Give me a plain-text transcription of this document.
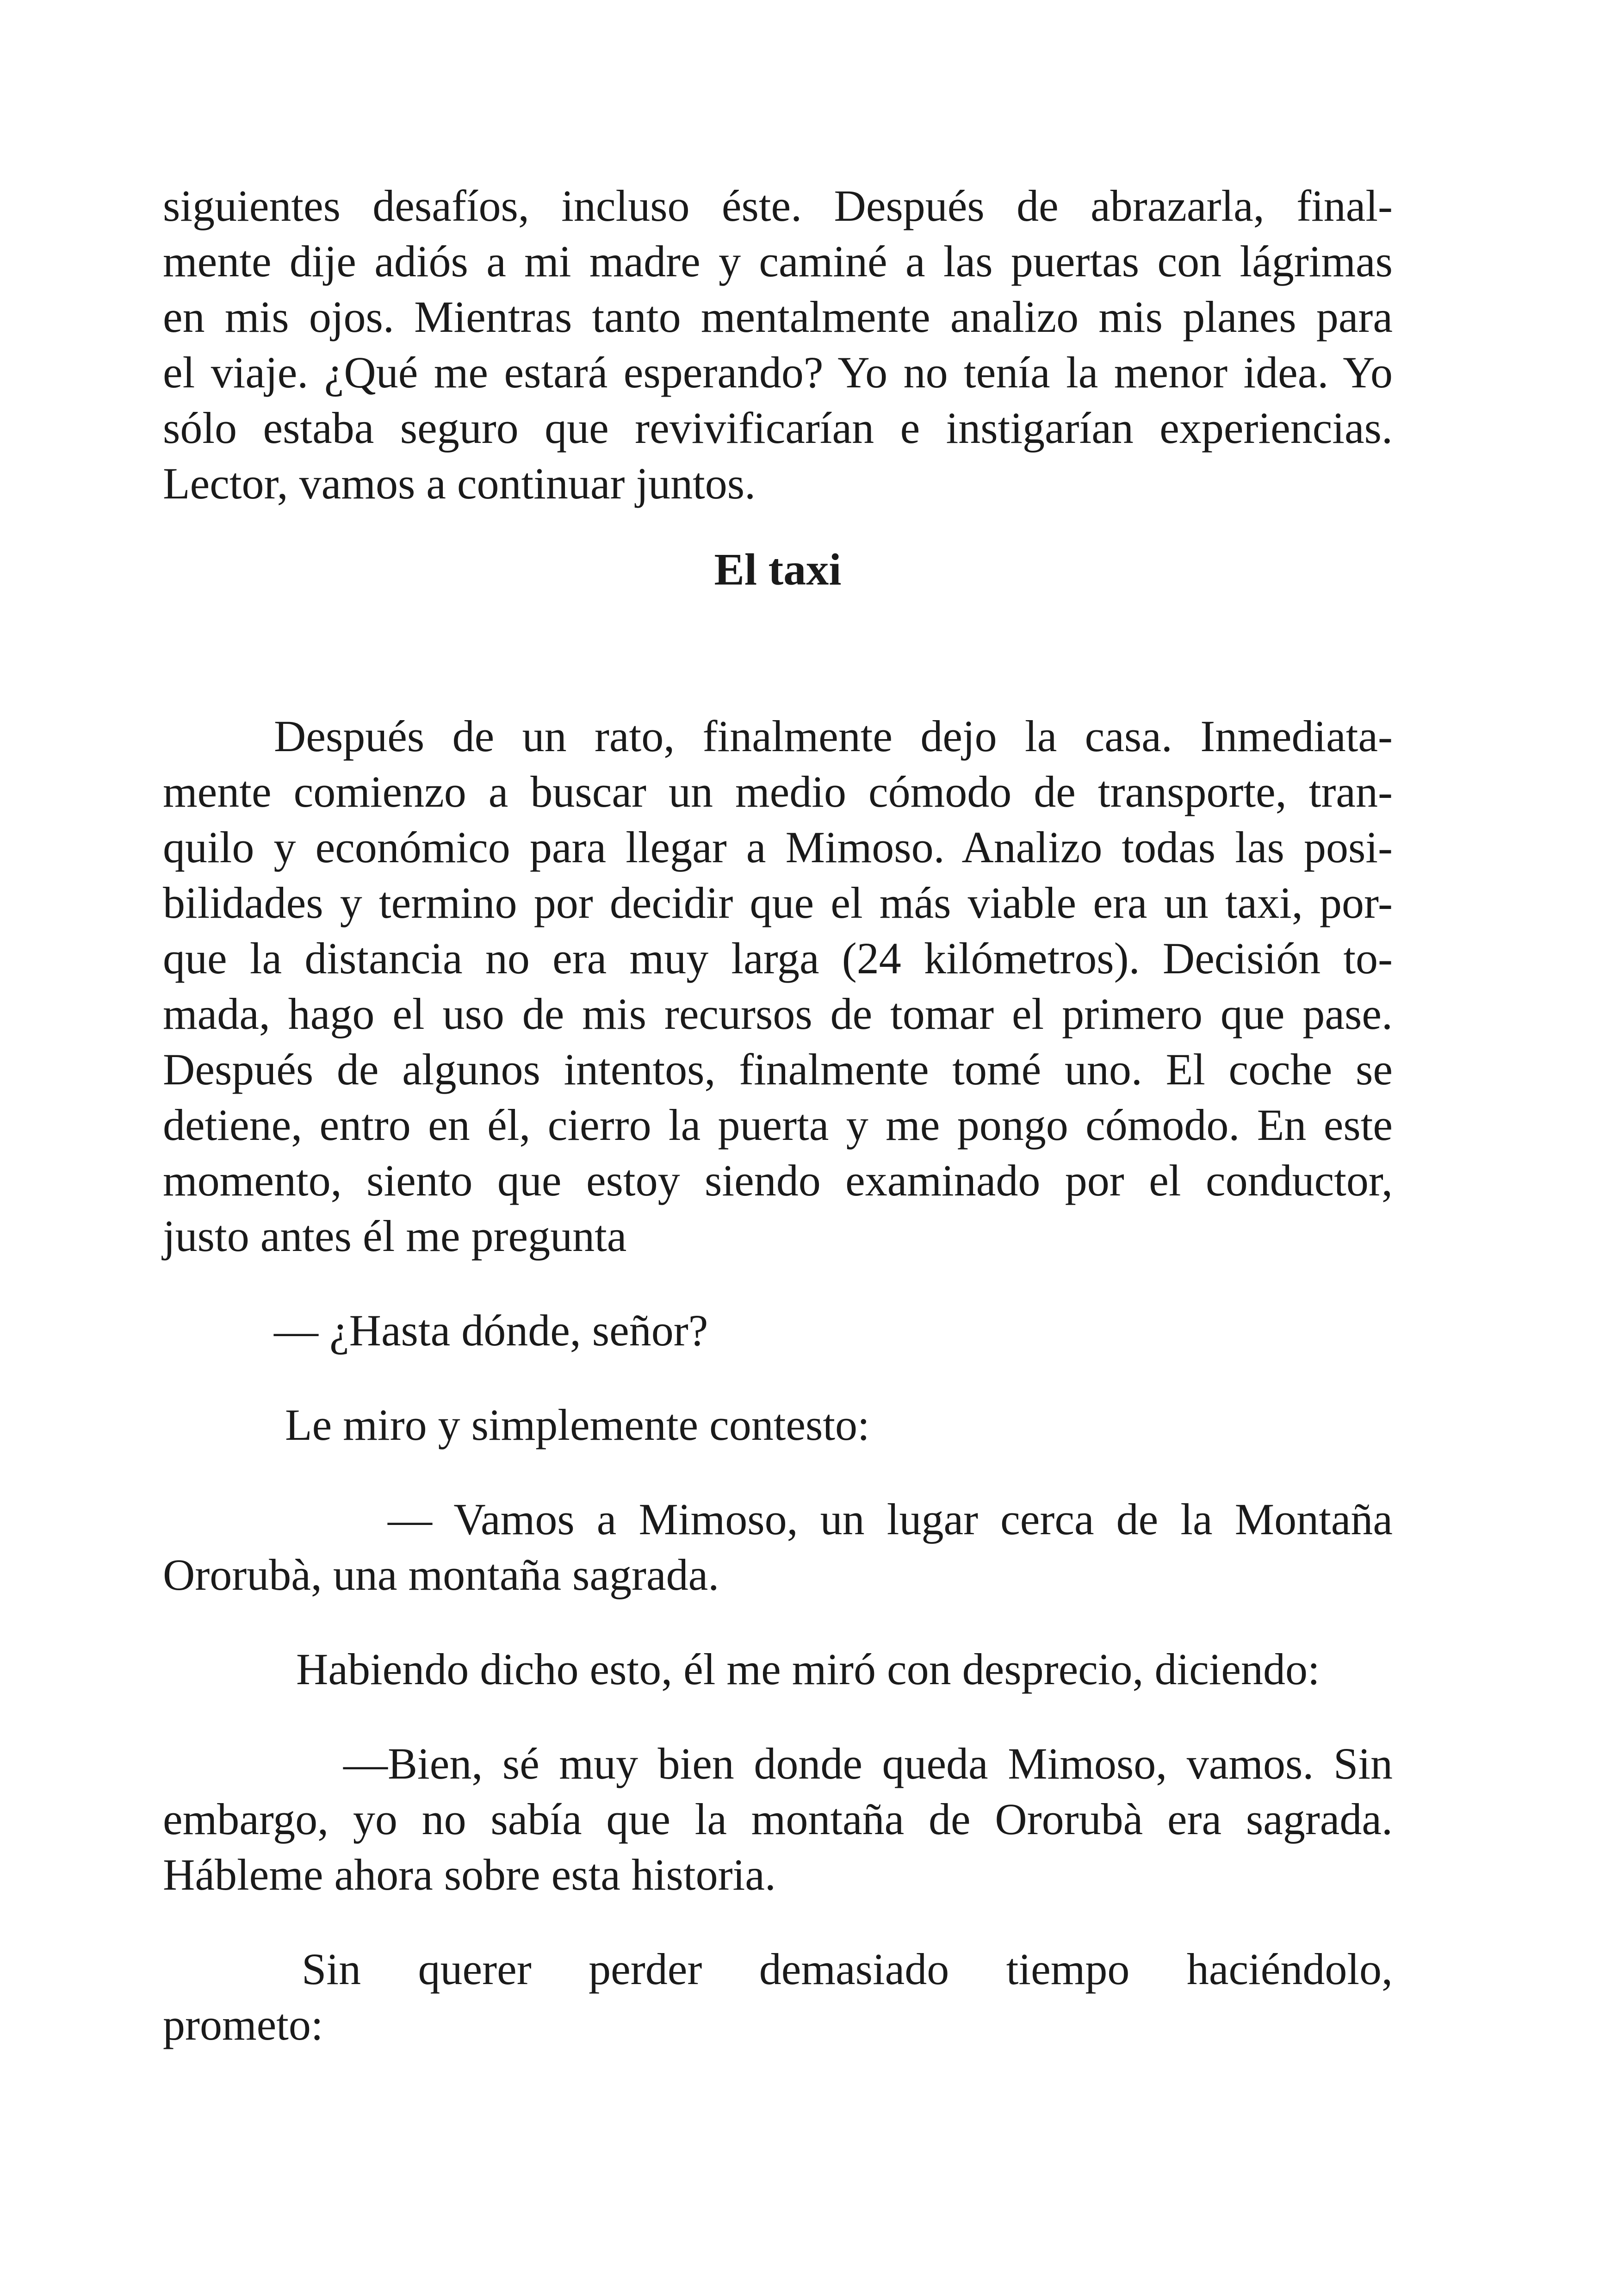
siguientes desafíos, incluso éste. Después de abrazarla, final-
mente dije adiós a mi madre y caminé a las puertas con lágrimas
en mis ojos. Mientras tanto mentalmente analizo mis planes para
el viaje. ¿Qué me estará esperando? Yo no tenía la menor idea. Yo
sólo estaba seguro que revivificarían e instigarían experiencias.
Lector, vamos a continuar juntos.
El taxi
Después de un rato, finalmente dejo la casa. Inmediata-
mente comienzo a buscar un medio cómodo de transporte, tran-
quilo y económico para llegar a Mimoso. Analizo todas las posi-
bilidades y termino por decidir que el más viable era un taxi, por-
que la distancia no era muy larga (24 kilómetros). Decisión to-
mada, hago el uso de mis recursos de tomar el primero que pase.
Después de algunos intentos, finalmente tomé uno. El coche se
detiene, entro en él, cierro la puerta y me pongo cómodo. En este
momento, siento que estoy siendo examinado por el conductor,
justo antes él me pregunta
— ¿Hasta dónde, señor?
Le miro y simplemente contesto:
— Vamos a Mimoso, un lugar cerca de la Montaña
Ororubà, una montaña sagrada.
Habiendo dicho esto, él me miró con desprecio, diciendo:
—Bien, sé muy bien donde queda Mimoso, vamos. Sin
embargo, yo no sabía que la montaña de Ororubà era sagrada.
Hábleme ahora sobre esta historia.
Sin querer perder demasiado tiempo haciéndolo,
prometo:
